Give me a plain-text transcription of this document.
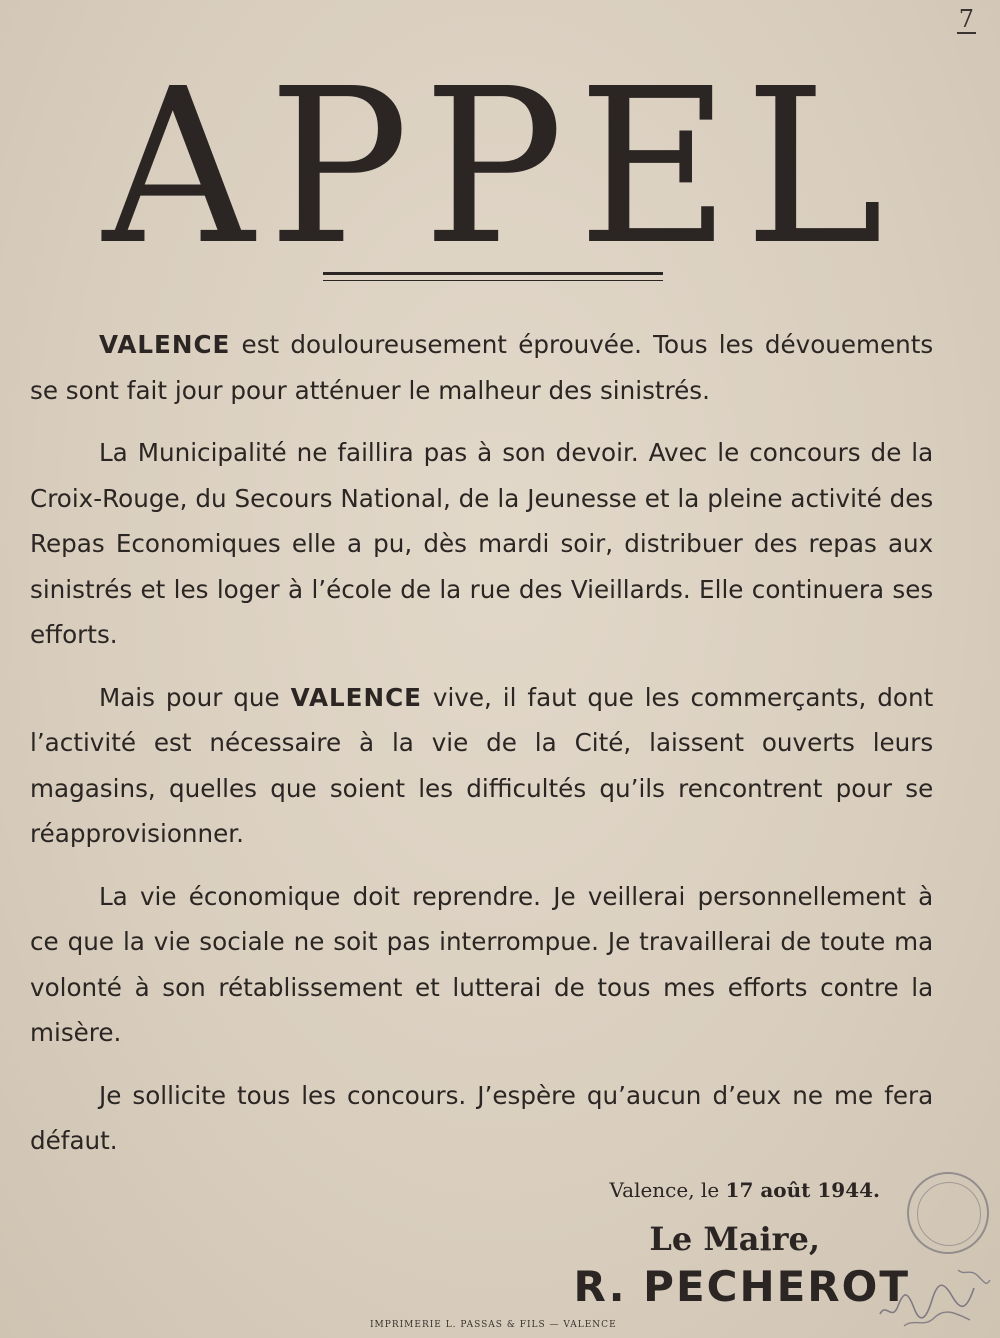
7
APPEL

VALENCE est douloureusement éprouvée. Tous les dévouements se sont fait jour pour atténuer le malheur des sinistrés.

La Municipalité ne faillira pas à son devoir. Avec le concours de la Croix-Rouge, du Secours National, de la Jeunesse et la pleine activité des Repas Economiques elle a pu, dès mardi soir, distribuer des repas aux sinistrés et les loger à l’école de la rue des Vieillards. Elle continuera ses efforts.

Mais pour que VALENCE vive, il faut que les commerçants, dont l’activité est nécessaire à la vie de la Cité, laissent ouverts leurs magasins, quelles que soient les difficultés qu’ils rencontrent pour se réapprovisionner.

La vie économique doit reprendre. Je veillerai personnellement à ce que la vie sociale ne soit pas interrompue. Je travaillerai de toute ma volonté à son rétablissement et lutterai de tous mes efforts contre la misère.

Je sollicite tous les concours. J’espère qu’aucun d’eux ne me fera défaut.

Valence, le 17 août 1944.
Le Maire,
R. PECHEROT
IMPRIMERIE L. PASSAS & FILS — VALENCE
